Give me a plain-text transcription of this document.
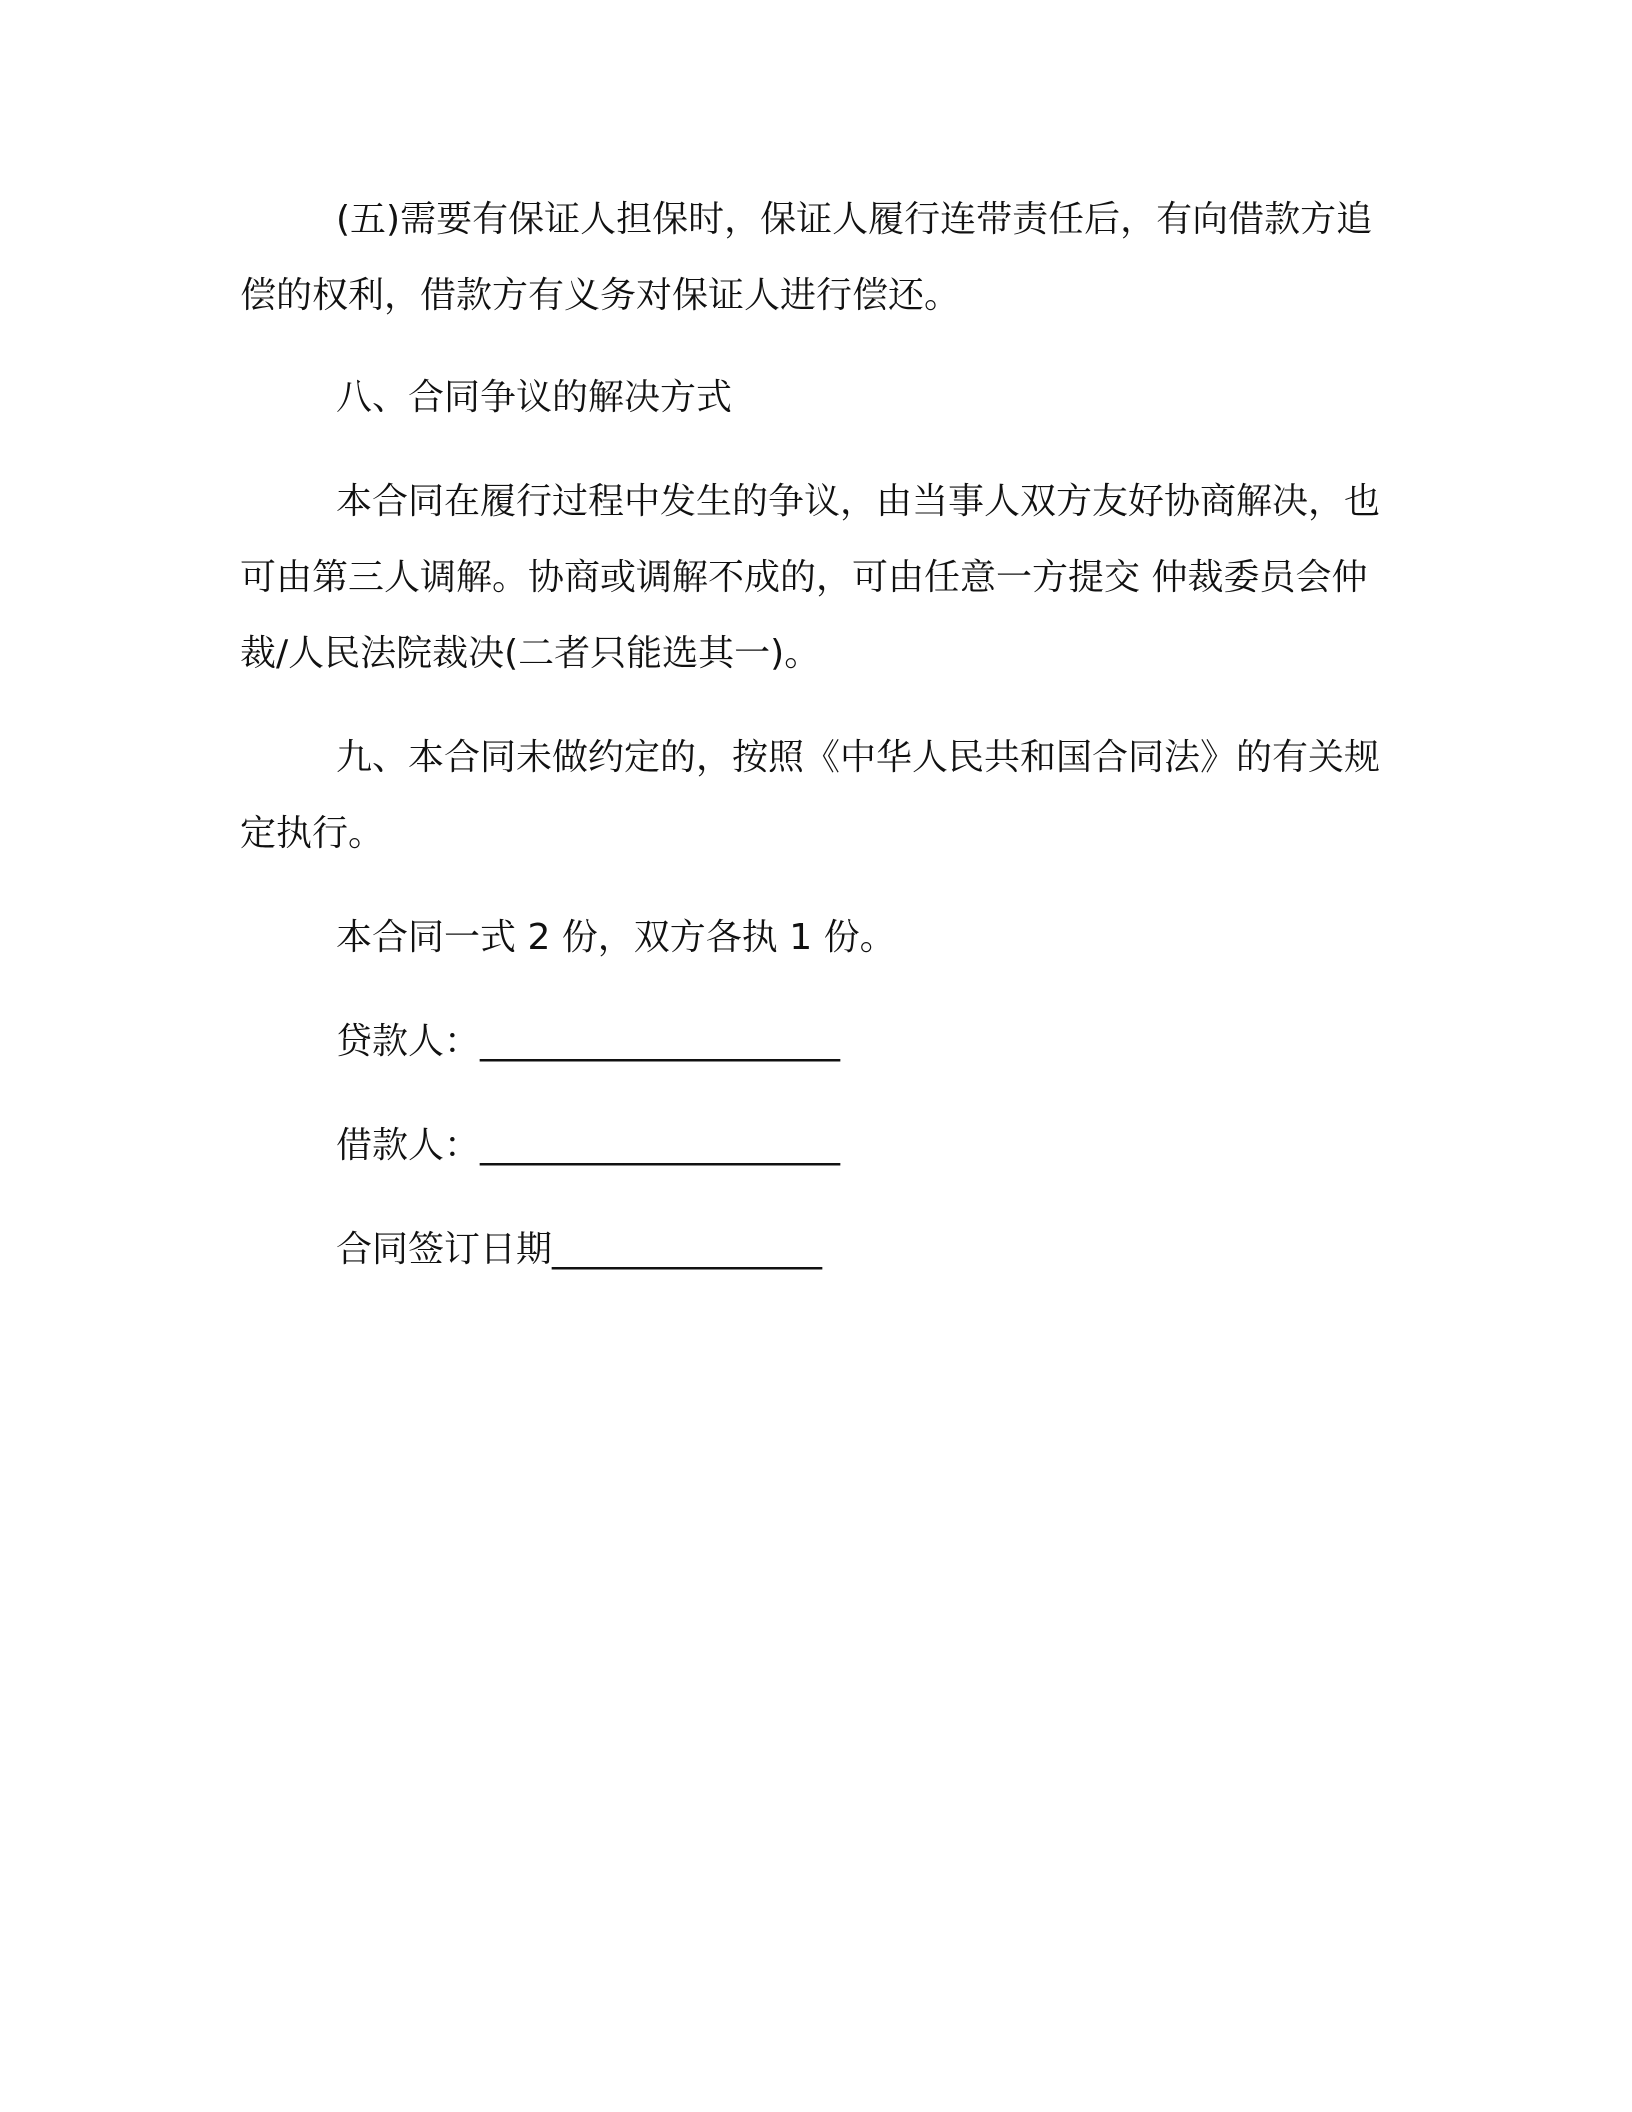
(五)需要有保证人担保时，保证人履行连带责任后，有向借款方追偿的权利，借款方有义务对保证人进行偿还。

八、合同争议的解决方式

本合同在履行过程中发生的争议，由当事人双方友好协商解决，也可由第三人调解。协商或调解不成的，可由任意一方提交 仲裁委员会仲裁/人民法院裁决(二者只能选其一)。

九、本合同未做约定的，按照《中华人民共和国合同法》的有关规定执行。

本合同一式 2 份，双方各执 1 份。

贷款人：____________________

借款人：____________________

合同签订日期_______________
